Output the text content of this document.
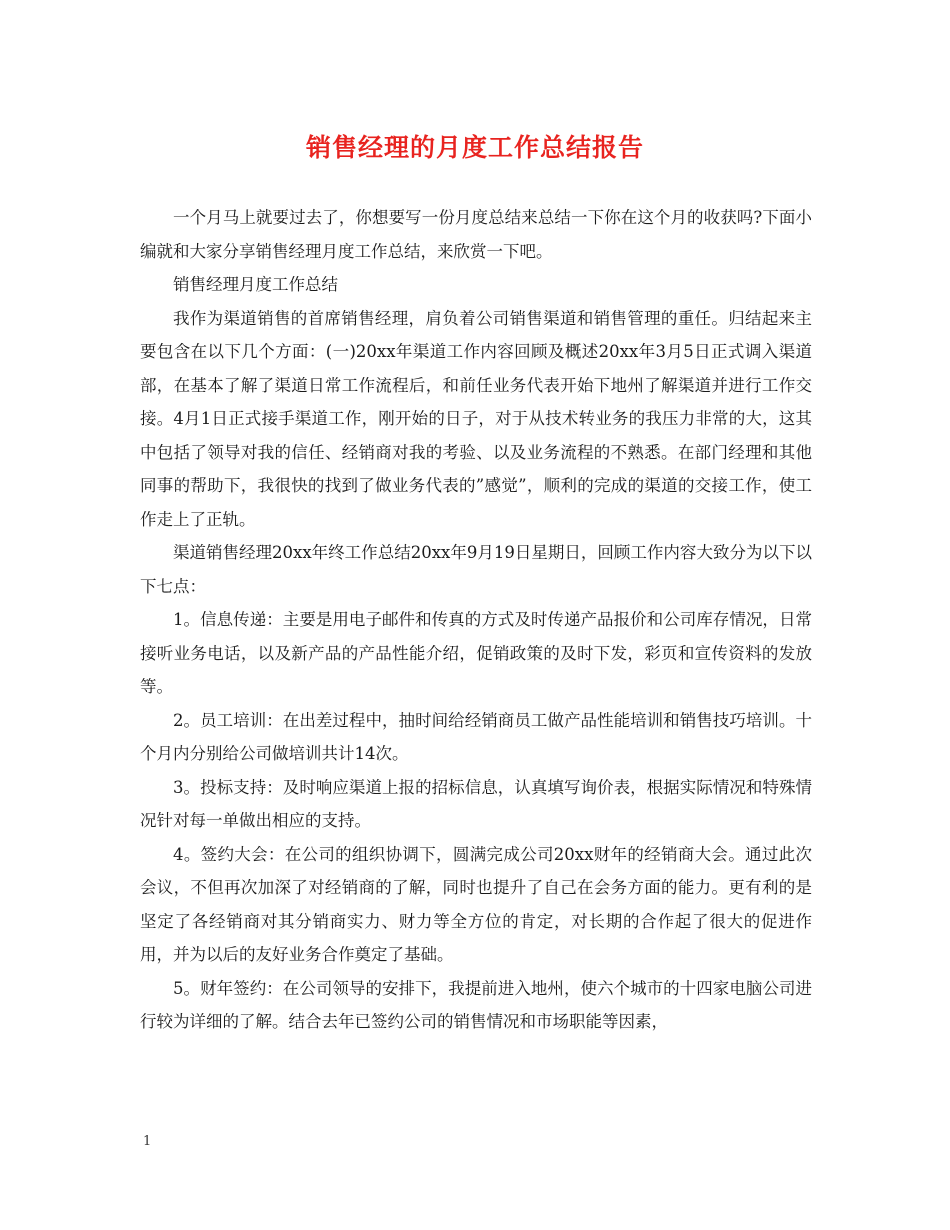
销售经理的月度工作总结报告

一个月马上就要过去了，你想要写一份月度总结来总结一下你在这个月的收获吗?下面小编就和大家分享销售经理月度工作总结，来欣赏一下吧。

销售经理月度工作总结

我作为渠道销售的首席销售经理，肩负着公司销售渠道和销售管理的重任。归结起来主要包含在以下几个方面：(一)20xx年渠道工作内容回顾及概述20xx年3月5日正式调入渠道部，在基本了解了渠道日常工作流程后，和前任业务代表开始下地州了解渠道并进行工作交接。4月1日正式接手渠道工作，刚开始的日子，对于从技术转业务的我压力非常的大，这其中包括了领导对我的信任、经销商对我的考验、以及业务流程的不熟悉。在部门经理和其他同事的帮助下，我很快的找到了做业务代表的”感觉”，顺利的完成的渠道的交接工作，使工作走上了正轨。

渠道销售经理20xx年终工作总结20xx年9月19日星期日，回顾工作内容大致分为以下以下七点：

1。信息传递：主要是用电子邮件和传真的方式及时传递产品报价和公司库存情况，日常接听业务电话，以及新产品的产品性能介绍，促销政策的及时下发，彩页和宣传资料的发放等。

2。员工培训：在出差过程中，抽时间给经销商员工做产品性能培训和销售技巧培训。十个月内分别给公司做培训共计14次。

3。投标支持：及时响应渠道上报的招标信息，认真填写询价表，根据实际情况和特殊情况针对每一单做出相应的支持。

4。签约大会：在公司的组织协调下，圆满完成公司20xx财年的经销商大会。通过此次会议，不但再次加深了对经销商的了解，同时也提升了自己在会务方面的能力。更有利的是坚定了各经销商对其分销商实力、财力等全方位的肯定，对长期的合作起了很大的促进作用，并为以后的友好业务合作奠定了基础。

5。财年签约：在公司领导的安排下，我提前进入地州，使六个城市的十四家电脑公司进行较为详细的了解。结合去年已签约公司的销售情况和市场职能等因素，

1
